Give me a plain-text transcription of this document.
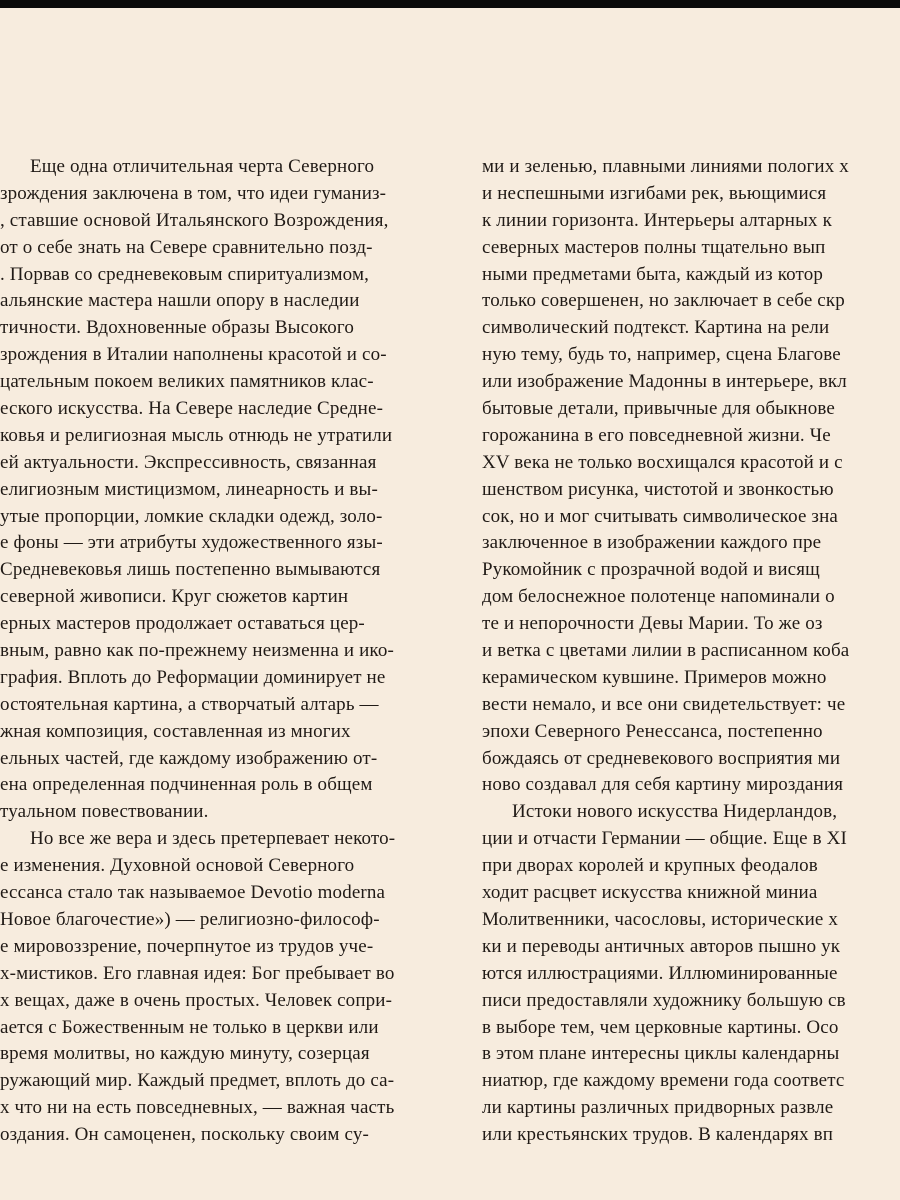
Еще одна отличительная черта Северного
зрождения заключена в том, что идеи гуманиз-
, ставшие основой Итальянского Возрождения,
от о себе знать на Севере сравнительно позд-
. Порвав со средневековым спиритуализмом,
альянские мастера нашли опору в наследии
тичности. Вдохновенные образы Высокого
зрождения в Италии наполнены красотой и со-
цательным покоем великих памятников клас-
еского искусства. На Севере наследие Средне-
ковья и религиозная мысль отнюдь не утратили
ей актуальности. Экспрессивность, связанная
елигиозным мистицизмом, линеарность и вы-
утые пропорции, ломкие складки одежд, золо-
е фоны — эти атрибуты художественного язы-
Средневековья лишь постепенно вымываются
северной живописи. Круг сюжетов картин
ерных мастеров продолжает оставаться цер-
вным, равно как по-прежнему неизменна и ико-
графия. Вплоть до Реформации доминирует не
остоятельная картина, а створчатый алтарь —
жная композиция, составленная из многих
ельных частей, где каждому изображению от-
ена определенная подчиненная роль в общем
туальном повествовании.
Но все же вера и здесь претерпевает некото-
е изменения. Духовной основой Северного
ессанса стало так называемое Devotio moderna
Новое благочестие») — религиозно-философ-
е мировоззрение, почерпнутое из трудов уче-
х-мистиков. Его главная идея: Бог пребывает во
х вещах, даже в очень простых. Человек сопри-
ается с Божественным не только в церкви или
время молитвы, но каждую минуту, созерцая
ружающий мир. Каждый предмет, вплоть до са-
х что ни на есть повседневных, — важная часть
оздания. Он самоценен, поскольку своим су-
ми и зеленью, плавными линиями пологих х
и неспешными изгибами рек, вьющимися
к линии горизонта. Интерьеры алтарных к
северных мастеров полны тщательно вып
ными предметами быта, каждый из котор
только совершенен, но заключает в себе скр
символический подтекст. Картина на рели
ную тему, будь то, например, сцена Благове
или изображение Мадонны в интерьере, вкл
бытовые детали, привычные для обыкнове
горожанина в его повседневной жизни. Че
XV века не только восхищался красотой и с
шенством рисунка, чистотой и звонкостью
сок, но и мог считывать символическое зна
заключенное в изображении каждого пре
Рукомойник с прозрачной водой и висящ
дом белоснежное полотенце напоминали о
те и непорочности Девы Марии. То же оз
и ветка с цветами лилии в расписанном коба
керамическом кувшине. Примеров можно
вести немало, и все они свидетельствует: че
эпохи Северного Ренессанса, постепенно
бождаясь от средневекового восприятия ми
ново создавал для себя картину мироздания
Истоки нового искусства Нидерландов,
ции и отчасти Германии — общие. Еще в XI
при дворах королей и крупных феодалов
ходит расцвет искусства книжной миниа
Молитвенники, часословы, исторические х
ки и переводы античных авторов пышно ук
ются иллюстрациями. Иллюминированные
писи предоставляли художнику большую св
в выборе тем, чем церковные картины. Осо
в этом плане интересны циклы календарны
ниатюр, где каждому времени года соответс
ли картины различных придворных развле
или крестьянских трудов. В календарях вп
